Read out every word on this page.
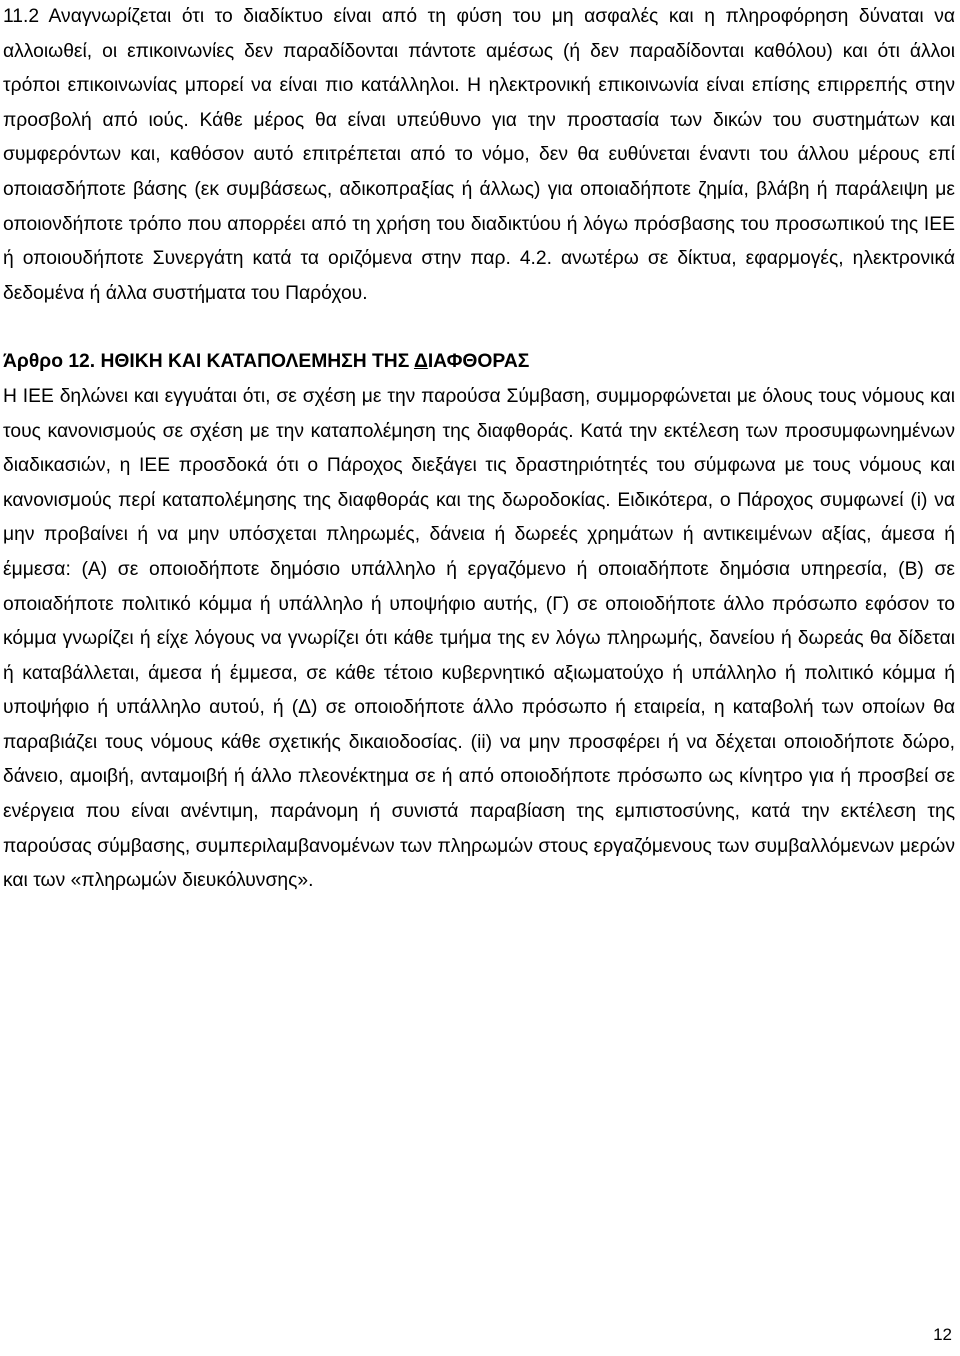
11.2 Αναγνωρίζεται ότι το διαδίκτυο είναι από τη φύση του μη ασφαλές και η πληροφόρηση δύναται να αλλοιωθεί, οι επικοινωνίες δεν παραδίδονται πάντοτε αμέσως (ή δεν παραδίδονται καθόλου) και ότι άλλοι τρόποι επικοινωνίας μπορεί να είναι πιο κατάλληλοι. Η ηλεκτρονική επικοινωνία είναι επίσης επιρρεπής στην προσβολή από ιούς. Κάθε μέρος θα είναι υπεύθυνο για την προστασία των δικών του συστημάτων και συμφερόντων και, καθόσον αυτό επιτρέπεται από το νόμο, δεν θα ευθύνεται έναντι του άλλου μέρους επί οποιασδήποτε βάσης (εκ συμβάσεως, αδικοπραξίας ή άλλως) για οποιαδήποτε ζημία, βλάβη ή παράλειψη με οποιονδήποτε τρόπο που απορρέει από τη χρήση του διαδικτύου ή λόγω πρόσβασης του προσωπικού της ΙΕΕ ή οποιουδήποτε Συνεργάτη κατά τα οριζόμενα στην παρ. 4.2. ανωτέρω σε δίκτυα, εφαρμογές, ηλεκτρονικά δεδομένα ή άλλα συστήματα του Παρόχου.

Άρθρο 12. ΗΘΙΚΗ ΚΑΙ ΚΑΤΑΠΟΛΕΜΗΣΗ ΤΗΣ ΔΙΑΦΘΟΡΑΣ

Η ΙΕΕ δηλώνει και εγγυάται ότι, σε σχέση με την παρούσα Σύμβαση, συμμορφώνεται με όλους τους νόμους και τους κανονισμούς σε σχέση με την καταπολέμηση της διαφθοράς. Κατά την εκτέλεση των προσυμφωνημένων διαδικασιών, η ΙΕΕ προσδοκά ότι ο Πάροχος διεξάγει τις δραστηριότητές του σύμφωνα με τους νόμους και κανονισμούς περί καταπολέμησης της διαφθοράς και της δωροδοκίας. Ειδικότερα, ο Πάροχος συμφωνεί (i) να μην προβαίνει ή να μην υπόσχεται πληρωμές, δάνεια ή δωρεές χρημάτων ή αντικειμένων αξίας, άμεσα ή έμμεσα: (Α) σε οποιοδήποτε δημόσιο υπάλληλο ή εργαζόμενο ή οποιαδήποτε δημόσια υπηρεσία, (Β) σε οποιαδήποτε πολιτικό κόμμα ή υπάλληλο ή υποψήφιο αυτής, (Γ) σε οποιοδήποτε άλλο πρόσωπο εφόσον το κόμμα γνωρίζει ή είχε λόγους να γνωρίζει ότι κάθε τμήμα της εν λόγω πληρωμής, δανείου ή δωρεάς θα δίδεται ή καταβάλλεται, άμεσα ή έμμεσα, σε κάθε τέτοιο κυβερνητικό αξιωματούχο ή υπάλληλο ή πολιτικό κόμμα ή υποψήφιο ή υπάλληλο αυτού, ή (Δ) σε οποιοδήποτε άλλο πρόσωπο ή εταιρεία, η καταβολή των οποίων θα παραβιάζει τους νόμους κάθε σχετικής δικαιοδοσίας. (ii) να μην προσφέρει ή να δέχεται οποιοδήποτε δώρο, δάνειο, αμοιβή, ανταμοιβή ή άλλο πλεονέκτημα σε ή από οποιοδήποτε πρόσωπο ως κίνητρο για ή προσβεί σε ενέργεια που είναι ανέντιμη, παράνομη ή συνιστά παραβίαση της εμπιστοσύνης, κατά την εκτέλεση της παρούσας σύμβασης, συμπεριλαμβανομένων των πληρωμών στους εργαζόμενους των συμβαλλόμενων μερών και των «πληρωμών διευκόλυνσης».

12
